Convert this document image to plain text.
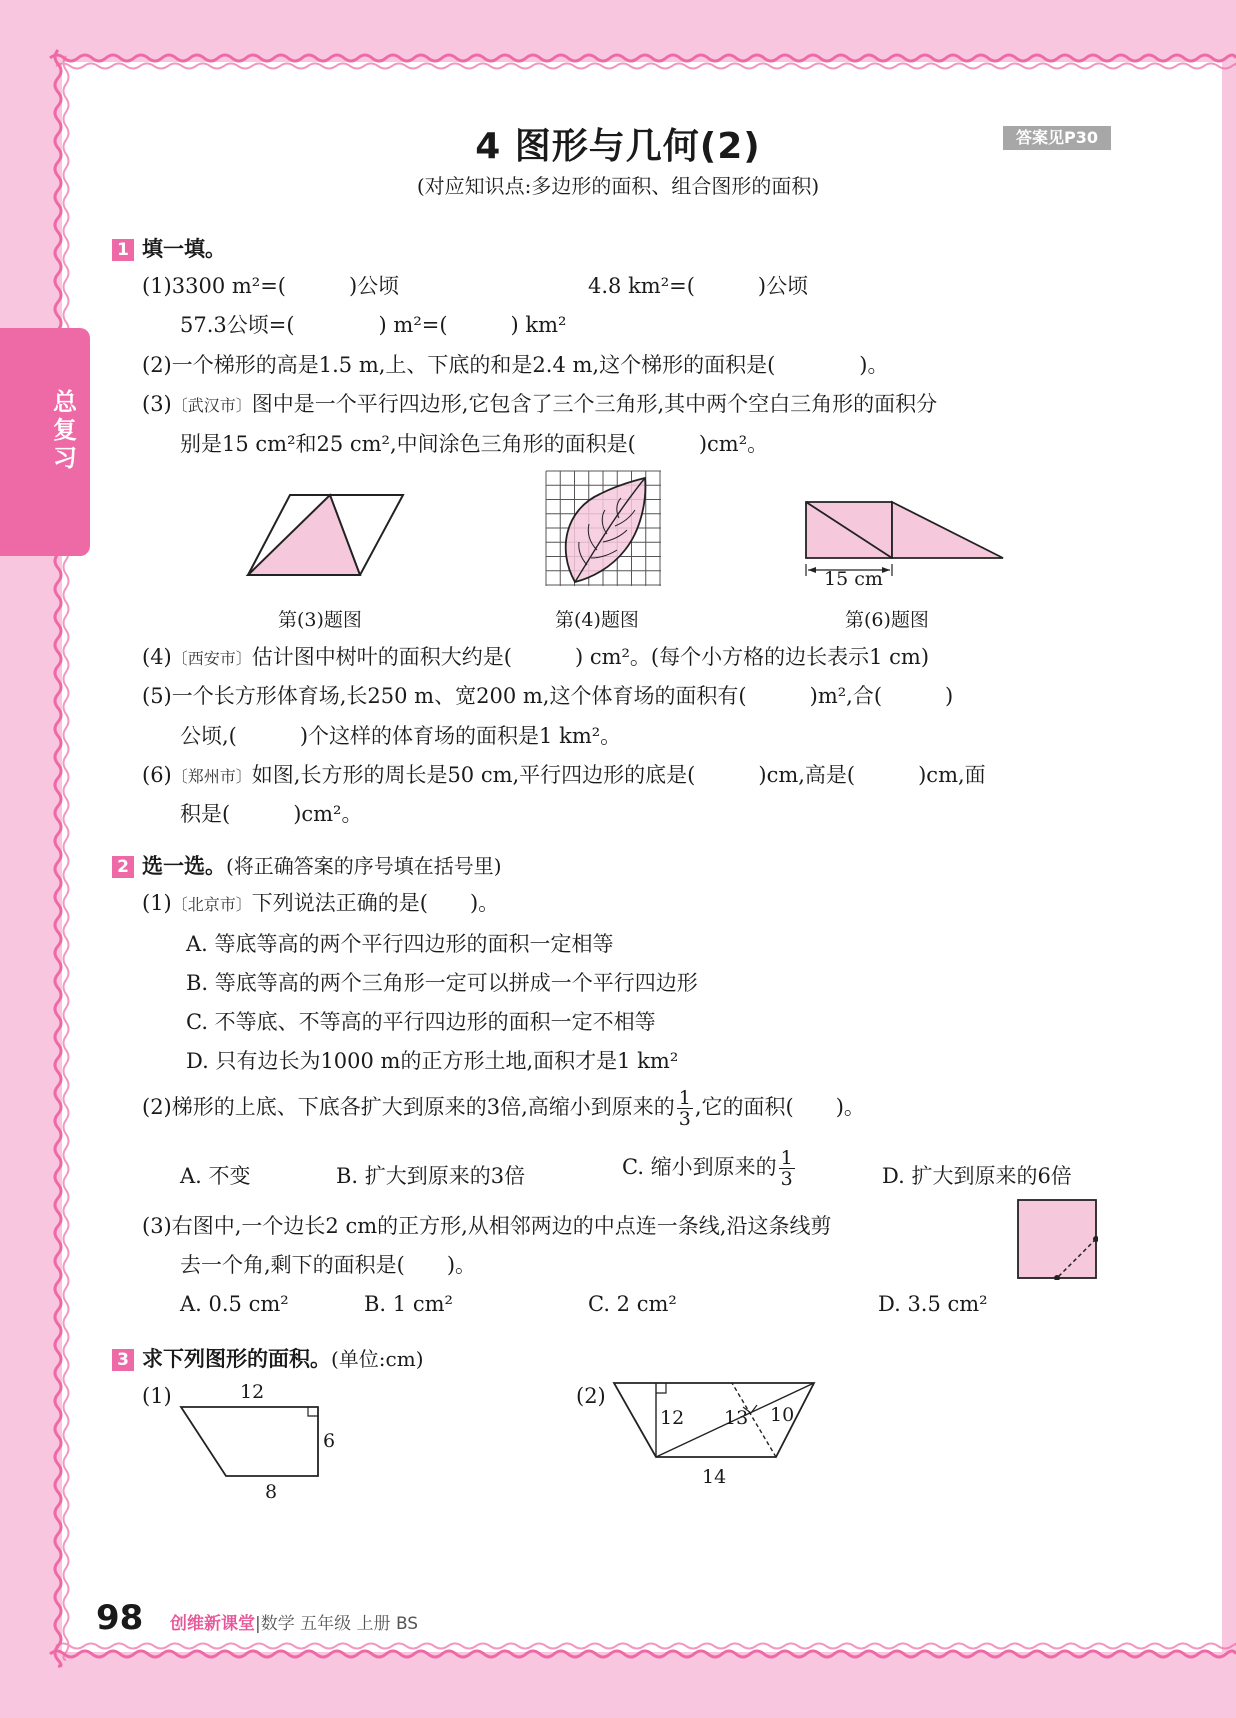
总复习
4 图形与几何(2)	答案见P30
(对应知识点:多边形的面积、组合图形的面积)
1 填一填。
(1)3300 m²=(　　　)公顷	4.8 km²=(　　　)公顷
57.3公顷=(　　　　) m²=(　　　) km²
(2)一个梯形的高是1.5 m,上、下底的和是2.4 m,这个梯形的面积是(　　　　)。
(3)〔武汉市〕图中是一个平行四边形,它包含了三个三角形,其中两个空白三角形的面积分
别是15 cm²和25 cm²,中间涂色三角形的面积是(　　　)cm²。
15 cm
第(3)题图	第(4)题图	第(6)题图
(4)〔西安市〕估计图中树叶的面积大约是(　　　) cm²。(每个小方格的边长表示1 cm)
(5)一个长方形体育场,长250 m、宽200 m,这个体育场的面积有(　　　)m²,合(　　　)
公顷,(　　　)个这样的体育场的面积是1 km²。
(6)〔郑州市〕如图,长方形的周长是50 cm,平行四边形的底是(　　　)cm,高是(　　　)cm,面
积是(　　　)cm²。
2 选一选。(将正确答案的序号填在括号里)
(1)〔北京市〕下列说法正确的是(　　)。
A. 等底等高的两个平行四边形的面积一定相等
B. 等底等高的两个三角形一定可以拼成一个平行四边形
C. 不等底、不等高的平行四边形的面积一定不相等
D. 只有边长为1000 m的正方形土地,面积才是1 km²
(2)梯形的上底、下底各扩大到原来的3倍,高缩小到原来的 $\frac{1}{3}$ ,它的面积(　　)。
A. 不变	B. 扩大到原来的3倍	C. 缩小到原来的 $\frac{1}{3}$	D. 扩大到原来的6倍
(3)右图中,一个边长2 cm的正方形,从相邻两边的中点连一条线,沿这条线剪
去一个角,剩下的面积是(　　)。
A. 0.5 cm²	B. 1 cm²	C. 2 cm²	D. 3.5 cm²
3 求下列图形的面积。(单位:cm)
(1)	12
6
8
(2)
12 13 10
14
98 创维新课堂|数学 五年级 上册 BS
